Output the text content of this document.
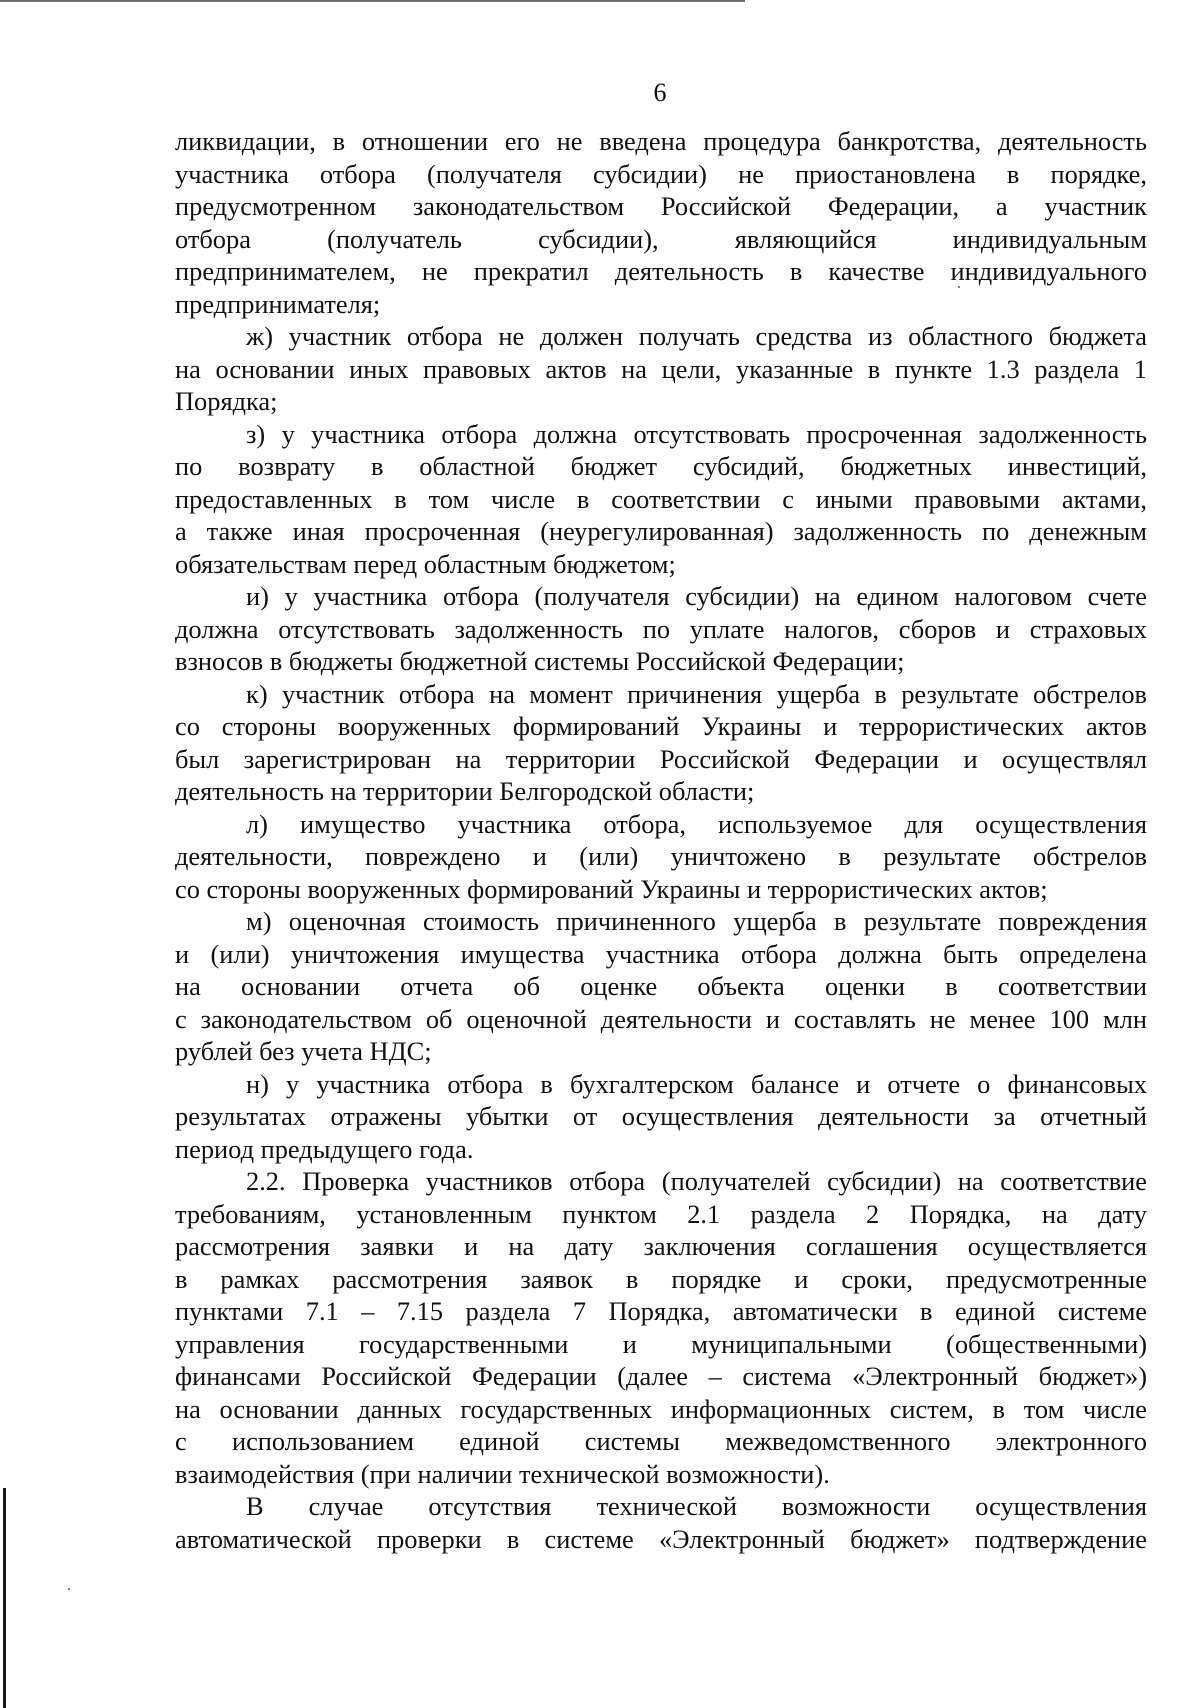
6

ликвидации, в отношении его не введена процедура банкротства, деятельность
участника отбора (получателя субсидии) не приостановлена в порядке,
предусмотренном законодательством Российской Федерации, а участник
отбора (получатель субсидии), являющийся индивидуальным
предпринимателем, не прекратил деятельность в качестве индивидуального
предпринимателя;

ж) участник отбора не должен получать средства из областного бюджета
на основании иных правовых актов на цели, указанные в пункте 1.3 раздела 1
Порядка;

з) у участника отбора должна отсутствовать просроченная задолженность
по возврату в областной бюджет субсидий, бюджетных инвестиций,
предоставленных в том числе в соответствии с иными правовыми актами,
а также иная просроченная (неурегулированная) задолженность по денежным
обязательствам перед областным бюджетом;

и) у участника отбора (получателя субсидии) на едином налоговом счете
должна отсутствовать задолженность по уплате налогов, сборов и страховых
взносов в бюджеты бюджетной системы Российской Федерации;

к) участник отбора на момент причинения ущерба в результате обстрелов
со стороны вооруженных формирований Украины и террористических актов
был зарегистрирован на территории Российской Федерации и осуществлял
деятельность на территории Белгородской области;

л) имущество участника отбора, используемое для осуществления
деятельности, повреждено и (или) уничтожено в результате обстрелов
со стороны вооруженных формирований Украины и террористических актов;

м) оценочная стоимость причиненного ущерба в результате повреждения
и (или) уничтожения имущества участника отбора должна быть определена
на основании отчета об оценке объекта оценки в соответствии
с законодательством об оценочной деятельности и составлять не менее 100 млн
рублей без учета НДС;

н) у участника отбора в бухгалтерском балансе и отчете о финансовых
результатах отражены убытки от осуществления деятельности за отчетный
период предыдущего года.

2.2. Проверка участников отбора (получателей субсидии) на соответствие
требованиям, установленным пунктом 2.1 раздела 2 Порядка, на дату
рассмотрения заявки и на дату заключения соглашения осуществляется
в рамках рассмотрения заявок в порядке и сроки, предусмотренные
пунктами 7.1 – 7.15 раздела 7 Порядка, автоматически в единой системе
управления государственными и муниципальными (общественными)
финансами Российской Федерации (далее – система «Электронный бюджет»)
на основании данных государственных информационных систем, в том числе
с использованием единой системы межведомственного электронного
взаимодействия (при наличии технической возможности).

В случае отсутствия технической возможности осуществления
автоматической проверки в системе «Электронный бюджет» подтверждение
